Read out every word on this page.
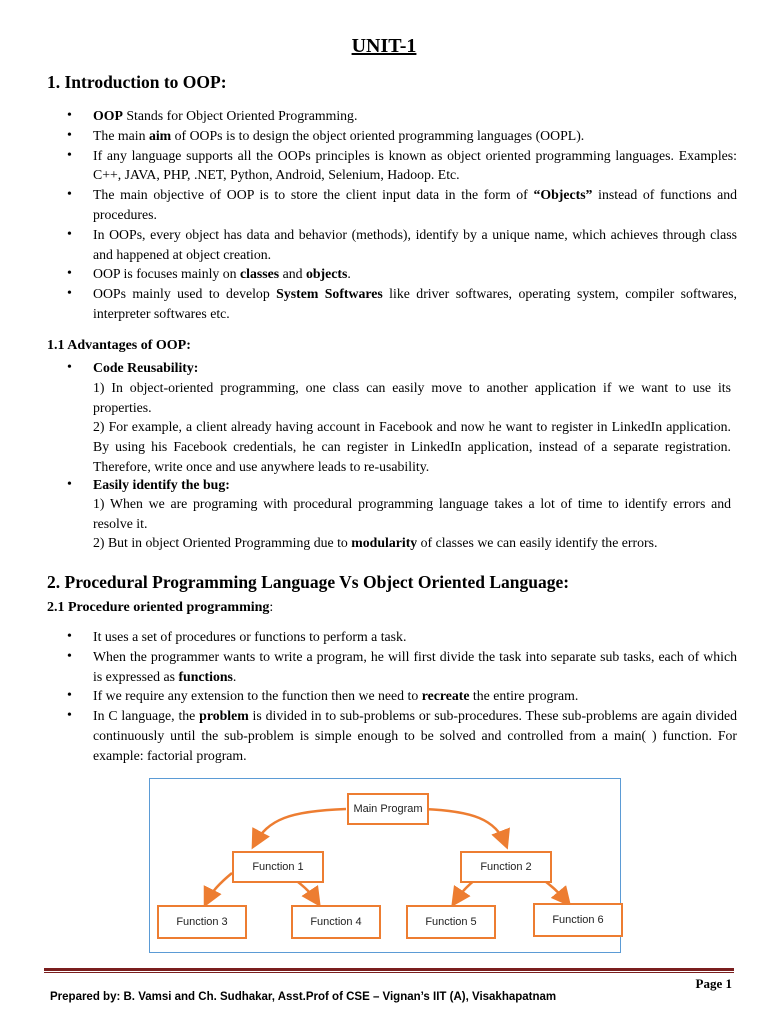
UNIT-1
1. Introduction to OOP:
• OOP Stands for Object Oriented Programming.
• The main aim of OOPs is to design the object oriented programming languages (OOPL).
• If any language supports all the OOPs principles is known as object oriented programming languages. Examples: C++, JAVA, PHP, .NET, Python, Android, Selenium, Hadoop. Etc.
• The main objective of OOP is to store the client input data in the form of “Objects” instead of functions and procedures.
• In OOPs, every object has data and behavior (methods), identify by a unique name, which achieves through class and happened at object creation.
• OOP is focuses mainly on classes and objects.
• OOPs mainly used to develop System Softwares like driver softwares, operating system, compiler softwares, interpreter softwares etc.
1.1 Advantages of OOP:
• Code Reusability:

1) In object-oriented programming, one class can easily move to another application if we want to use its properties.

2) For example, a client already having account in Facebook and now he want to register in LinkedIn application. By using his Facebook credentials, he can register in LinkedIn application, instead of a separate registration. Therefore, write once and use anywhere leads to re-usability.

• Easily identify the bug:

1) When we are programing with procedural programming language takes a lot of time to identify errors and resolve it.

2) But in object Oriented Programming due to modularity of classes we can easily identify the errors.

2. Procedural Programming Language Vs Object Oriented Language:
2.1 Procedure oriented programming:
• It uses a set of procedures or functions to perform a task.
• When the programmer wants to write a program, he will first divide the task into separate sub tasks, each of which is expressed as functions.
• If we require any extension to the function then we need to recreate the entire program.
• In C language, the problem is divided in to sub-problems or sub-procedures. These sub-problems are again divided continuously until the sub-problem is simple enough to be solved and controlled from a main( ) function. For example: factorial program.
Main Program
Function 1	Function 2
Function 3	Function 4	Function 5	Function 6
Page 1
Prepared by: B. Vamsi and Ch. Sudhakar, Asst.Prof of CSE – Vignan’s IIT (A), Visakhapatnam
